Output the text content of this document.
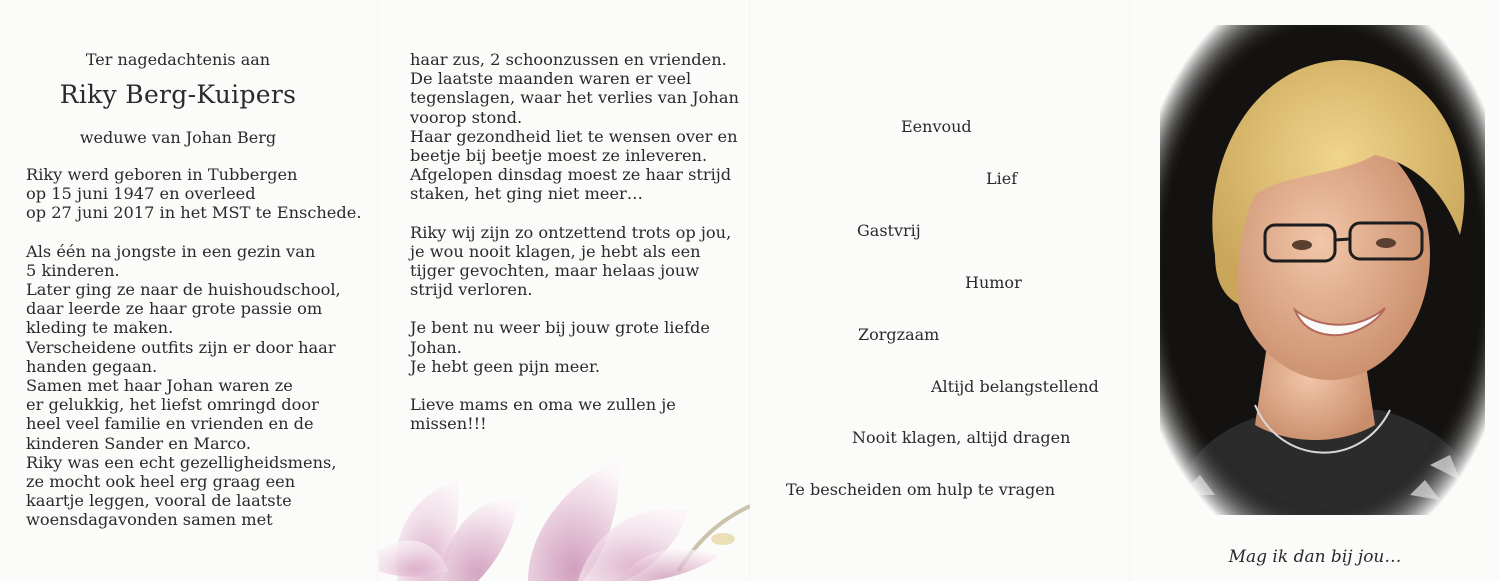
Ter nagedachtenis aan
Riky Berg-Kuipers
weduwe van Johan Berg

Riky werd geboren in Tubbergen
op 15 juni 1947 en overleed
op 27 juni 2017 in het MST te Enschede.

Als één na jongste in een gezin van
5 kinderen.
Later ging ze naar de huishoudschool,
daar leerde ze haar grote passie om
kleding te maken.
Verscheidene outfits zijn er door haar
handen gegaan.
Samen met haar Johan waren ze
er gelukkig, het liefst omringd door
heel veel familie en vrienden en de
kinderen Sander en Marco.
Riky was een echt gezelligheidsmens,
ze mocht ook heel erg graag een
kaartje leggen, vooral de laatste
woensdagavonden samen met

haar zus, 2 schoonzussen en vrienden.
De laatste maanden waren er veel
tegenslagen, waar het verlies van Johan
voorop stond.
Haar gezondheid liet te wensen over en
beetje bij beetje moest ze inleveren.
Afgelopen dinsdag moest ze haar strijd
staken, het ging niet meer…

Riky wij zijn zo ontzettend trots op jou,
je wou nooit klagen, je hebt als een
tijger gevochten, maar helaas jouw
strijd verloren.

Je bent nu weer bij jouw grote liefde
Johan.
Je hebt geen pijn meer.

Lieve mams en oma we zullen je
missen!!!

Eenvoud
Lief
Gastvrij
Humor
Zorgzaam
Altijd belangstellend
Nooit klagen, altijd dragen
Te bescheiden om hulp te vragen
Mag ik dan bij jou…
